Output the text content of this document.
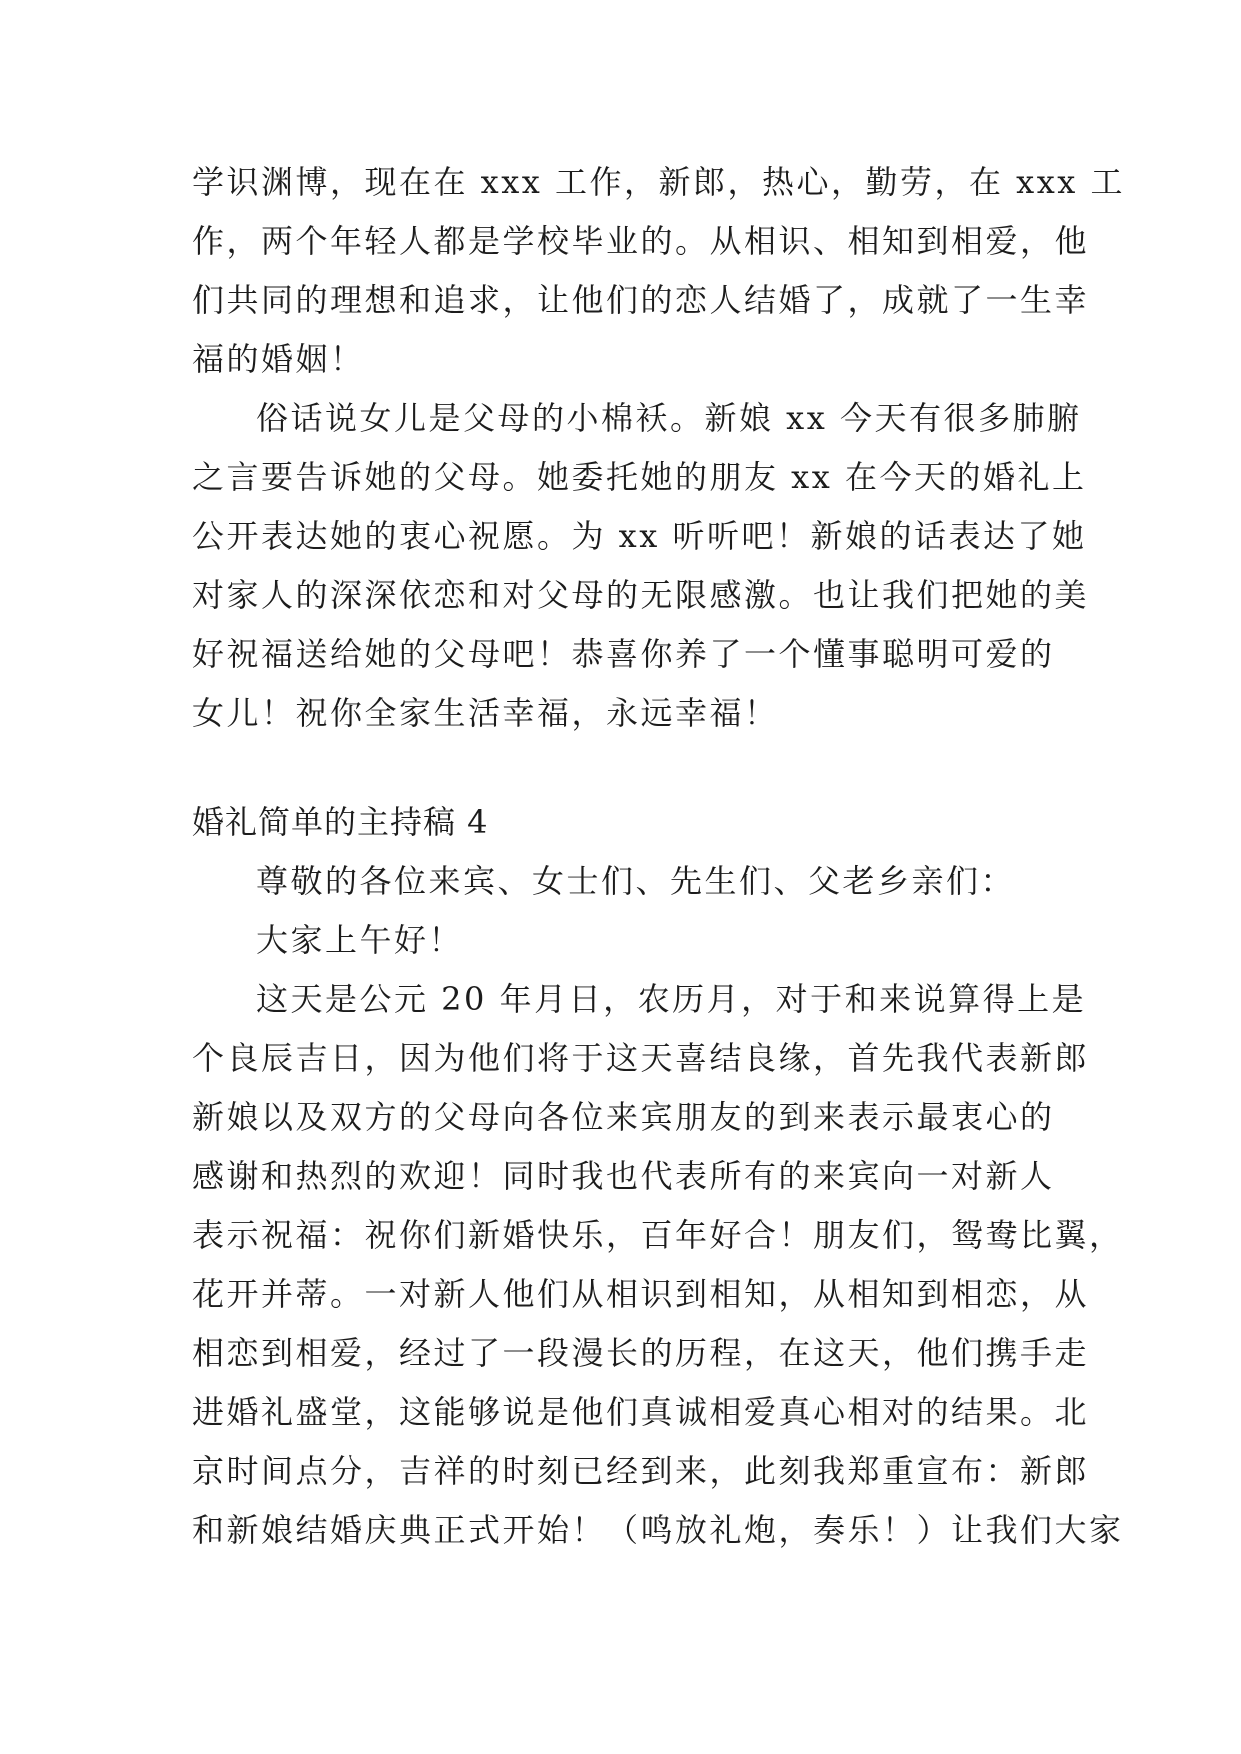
学识渊博，现在在 xxx 工作，新郎，热心，勤劳，在 xxx 工
作，两个年轻人都是学校毕业的。从相识、相知到相爱，他
们共同的理想和追求，让他们的恋人结婚了，成就了一生幸
福的婚姻！
俗话说女儿是父母的小棉袄。新娘 xx 今天有很多肺腑
之言要告诉她的父母。她委托她的朋友 xx 在今天的婚礼上
公开表达她的衷心祝愿。为 xx 听听吧！新娘的话表达了她
对家人的深深依恋和对父母的无限感激。也让我们把她的美
好祝福送给她的父母吧！恭喜你养了一个懂事聪明可爱的
女儿！祝你全家生活幸福，永远幸福！
婚礼简单的主持稿 4
尊敬的各位来宾、女士们、先生们、父老乡亲们：
大家上午好！
这天是公元 20 年月日，农历月，对于和来说算得上是
个良辰吉日，因为他们将于这天喜结良缘，首先我代表新郎
新娘以及双方的父母向各位来宾朋友的到来表示最衷心的
感谢和热烈的欢迎！同时我也代表所有的来宾向一对新人
表示祝福：祝你们新婚快乐，百年好合！朋友们，鸳鸯比翼，
花开并蒂。一对新人他们从相识到相知，从相知到相恋，从
相恋到相爱，经过了一段漫长的历程，在这天，他们携手走
进婚礼盛堂，这能够说是他们真诚相爱真心相对的结果。北
京时间点分，吉祥的时刻已经到来，此刻我郑重宣布：新郎
和新娘结婚庆典正式开始！（鸣放礼炮，奏乐！）让我们大家
